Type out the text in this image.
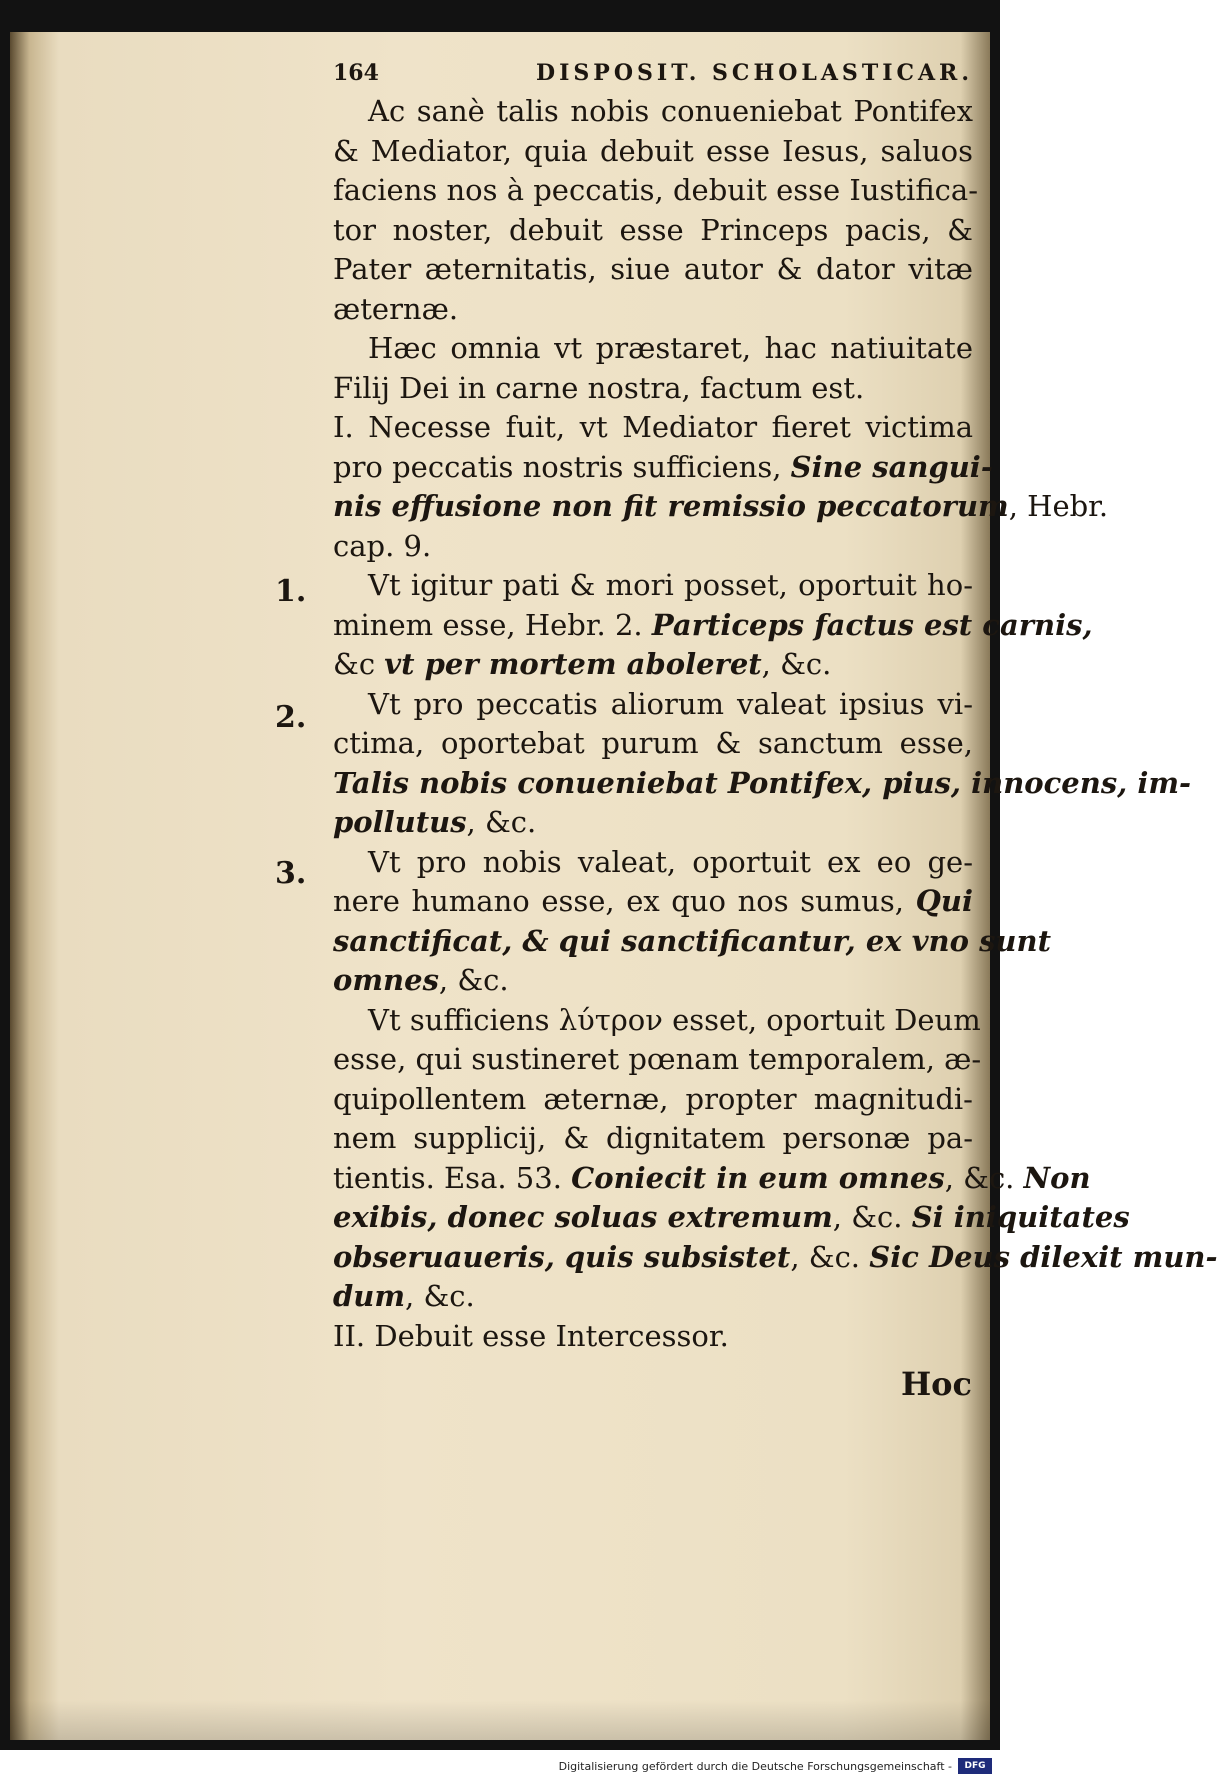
164	DISPOSIT. SCHOLASTICAR.
Ac sanè talis nobis conueniebat Pontifex
& Mediator, quia debuit esse Iesus, saluos
faciens nos à peccatis, debuit esse Iustifica-
tor noster, debuit esse Princeps pacis, &
Pater æternitatis, siue autor & dator vitæ
æternæ.
Hæc omnia vt præstaret, hac natiuitate
Filij Dei in carne nostra, factum est.
I. Necesse fuit, vt Mediator fieret victima
pro peccatis nostris sufficiens, Sine sangui-
nis effusione non fit remissio peccatorum, Hebr.
cap. 9.
Vt igitur pati & mori posset, oportuit ho-
minem esse, Hebr. 2. Particeps factus est carnis,
&c vt per mortem aboleret, &c.
Vt pro peccatis aliorum valeat ipsius vi-
ctima, oportebat purum & sanctum esse,
Talis nobis conueniebat Pontifex, pius, innocens, im-
pollutus, &c.
Vt pro nobis valeat, oportuit ex eo ge-
nere humano esse, ex quo nos sumus, Qui
sanctificat, & qui sanctificantur, ex vno sunt
omnes, &c.
Vt sufficiens λύτρον esset, oportuit Deum
esse, qui sustineret pœnam temporalem, æ-
quipollentem æternæ, propter magnitudi-
nem supplicij, & dignitatem personæ pa-
tientis. Esa. 53. Coniecit in eum omnes, &c. Non
exibis, donec soluas extremum, &c. Si iniquitates
obseruaueris, quis subsistet, &c. Sic Deus dilexit mun-
dum, &c.
II. Debuit esse Intercessor.
1.
2.
3.
Hoc
Digitalisierung gefördert durch die Deutsche Forschungsgemeinschaft -	DFG
